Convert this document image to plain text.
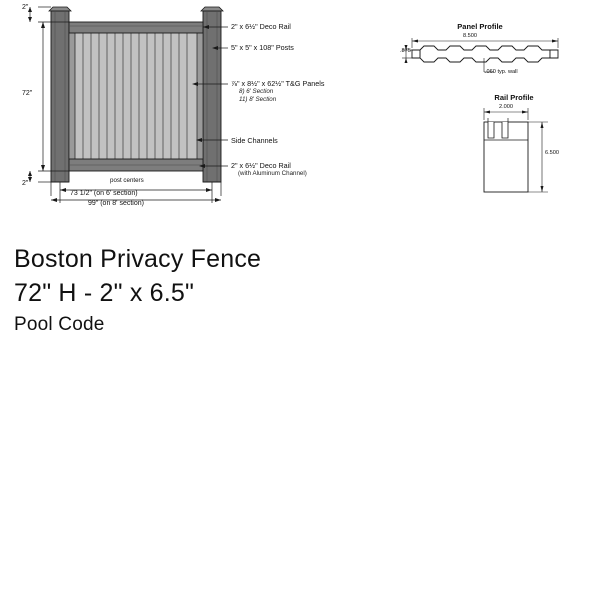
2" x 6½" Deco Rail
5" x 5" x 108" Posts
⅞" x 8½" x 62½" T&G Panels
8) 6' Section
11) 8' Section
Side Channels
2" x 6½" Deco Rail
(with Aluminum Channel)
2"
72"
2"	post centers
73 1/2" (on 6' section)
99" (on 8' section)
Panel Profile
8.500
.875
.060 typ. wall
Rail Profile
2.000
6.500
Boston Privacy Fence
72" H - 2" x 6.5"
Pool Code
